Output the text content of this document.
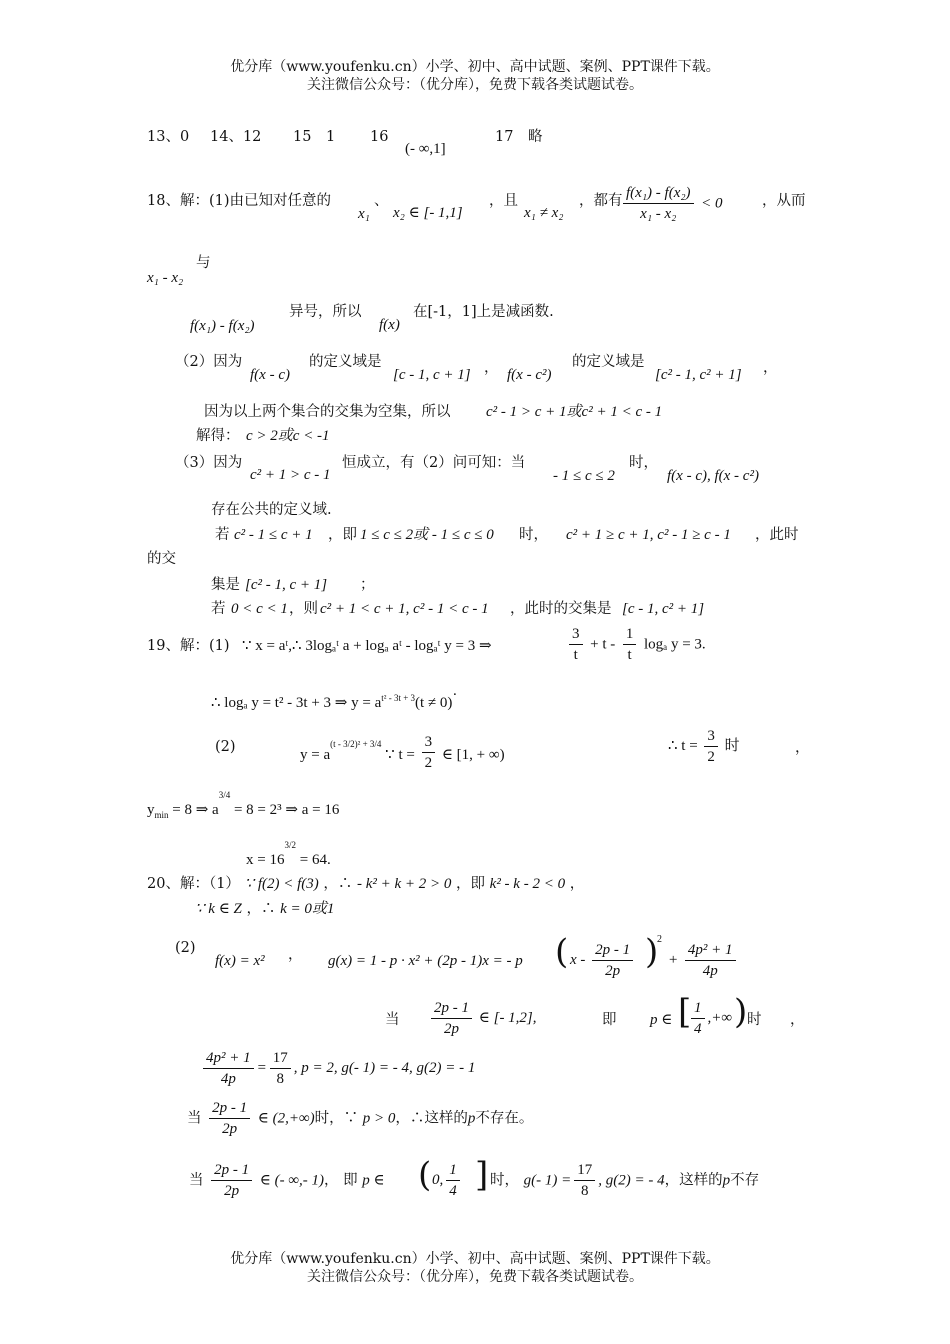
优分库（www.youfenku.cn）小学、初中、高中试题、案例、PPT课件下载。
关注微信公众号：（优分库），免费下载各类试题试卷。
13、0 14、12 15　1 16
(- ∞,1]
17　略
18、解：(1)由已知对任意的
x₁
、
x₂ ∈ [- 1,1]
，且
x₁ ≠ x₂
，都有 $\frac{\text{f(x₁) - f(x₂)}}{\text{x₁ - x₂}} < 0$	，从而
x₁ - x₂
与
f(x₁) - f(x₂)
异号，所以
f(x)
在[-1，1]上是减函数.
（2）因为
f(x - c)
的定义域是
[c - 1, c + 1] ， f(x - c²)
的定义域是
[c² - 1, c² + 1] ，
因为以上两个集合的交集为空集，所以 c² - 1 > c + 1或c² + 1 < c - 1
解得： c > 2或c < -1
（3）因为
c² + 1 > c - 1
恒成立，有（2）问可知：当
- 1 ≤ c ≤ 2
时，
f(x - c), f(x - c²)
存在公共的定义域.
若 c² - 1 ≤ c + 1 ，即 1 ≤ c ≤ 2或 - 1 ≤ c ≤ 0 时， c² + 1 ≥ c + 1, c² - 1 ≥ c - 1 ，此时
的交
集是 [c² - 1, c + 1] ；
若 0 < c < 1 ，则 c² + 1 < c + 1, c² - 1 < c - 1 ，此时的交集是 [c - 1, c² + 1]
19、解：(1) ∵ x = aᵗ,∴ 3logₐᵗ a + logₐ aᵗ - logₐᵗ y = 3 ⇒	$\frac{3}{t} + t - \frac{1}{t}$ logₐ y = 3.
∴ logₐ y = t² - 3t + 3 ⇒ $y = a^{t^2 - 3t + 3}(t \ne 0)\cdot$
(2)	$y = a^{(t - 3/2)^2 + 3/4}$ ∵ $t = \frac{3}{2}$ ∈ [1, + ∞)
∴ $t = \frac{3}{2}$ 时	，
$y_{min} = 8$ ⇒ $a^{3/4} = 8 = 2^3$ ⇒ a = 16
$x = 16^{3/2} = 64$.
20、解：（1） ∵ f(2) < f(3) ，∴ - k² + k + 2 > 0 ，即 k² - k - 2 < 0 ，
∵ k ∈ Z ，∴ k = 0或1
(2)
f(x) = x² ， g(x) = 1 - p · x² + (2p - 1)x = - p ( x - $\frac{2p - 1}{2p}$ )
2
+ $\frac{\text{4p² + 1}}{4p}$
当 $\frac{2p - 1}{2p}$ ∈ [- 1,2],	即 p ∈ [ $\frac{1}{4}$ ,+∞ ) 时 ，
$\frac{\text{4p² + 1}}{4p} = \frac{17}{8}$ , p = 2, g(- 1) = - 4, g(2) = - 1
当 $\frac{2p - 1}{2p}$ ∈ (2,+∞)时，∵ p > 0，∴这样的p不存在。
当 $\frac{2p - 1}{2p}$ ∈ (- ∞,- 1)， 即 p ∈ ( 0, $\frac{1}{4}$ ] 时， g(- $1) = \frac{17}{8}$ , g(2) = - 4，这样的p不存
优分库（www.youfenku.cn）小学、初中、高中试题、案例、PPT课件下载。
关注微信公众号：（优分库），免费下载各类试题试卷。
